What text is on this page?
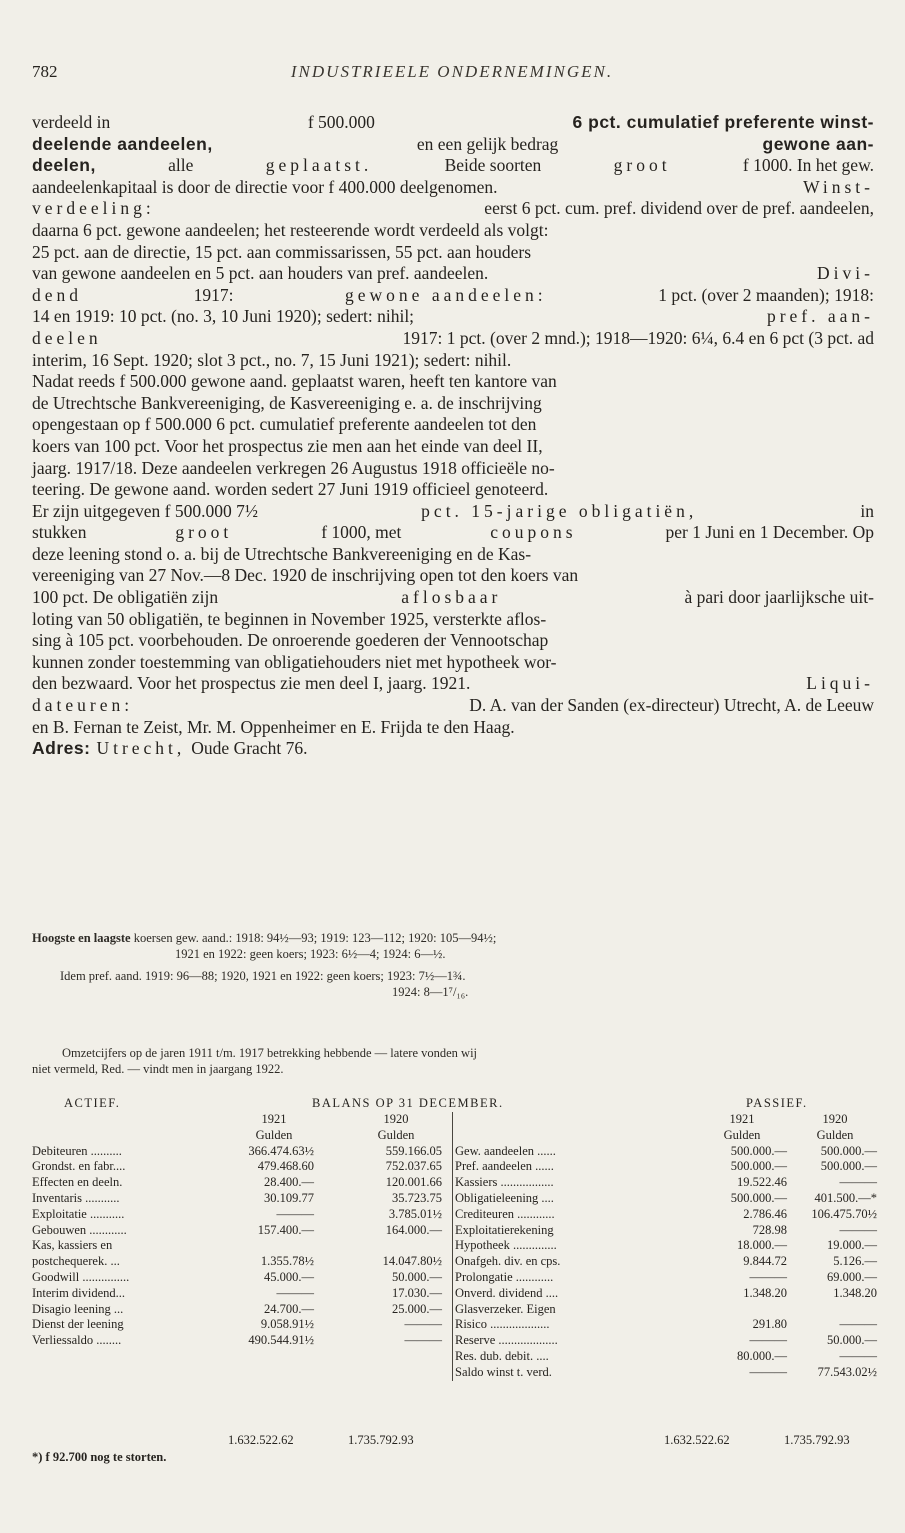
782	INDUSTRIEELE ONDERNEMINGEN.
verdeeld in	f 500.000	6 pct. cumulatief preferente winst-
deelende aandeelen,	en een gelijk bedrag	gewone aan-
deelen,	alle	geplaatst.	Beide soorten	groot	f 1000. In het gew.
aandeelenkapitaal is door de directie voor f 400.000 deelgenomen.	Winst-
verdeeling:	eerst 6 pct. cum. pref. dividend over de pref. aandeelen,
daarna 6 pct. gewone aandeelen; het resteerende wordt verdeeld als volgt:
25 pct. aan de directie, 15 pct. aan commissarissen, 55 pct. aan houders
van gewone aandeelen en 5 pct. aan houders van pref. aandeelen.	Divi-
dend	1917:	gewone aandeelen:	1 pct. (over 2 maanden); 1918:
14 en 1919: 10 pct. (no. 3, 10 Juni 1920); sedert: nihil;	pref. aan-
deelen	1917: 1 pct. (over 2 mnd.); 1918—1920: 6¼, 6.4 en 6 pct (3 pct. ad
interim, 16 Sept. 1920; slot 3 pct., no. 7, 15 Juni 1921); sedert: nihil.
Nadat reeds f 500.000 gewone aand. geplaatst waren, heeft ten kantore van
de Utrechtsche Bankvereeniging, de Kasvereeniging e. a. de inschrijving
opengestaan op f 500.000 6 pct. cumulatief preferente aandeelen tot den
koers van 100 pct. Voor het prospectus zie men aan het einde van deel II,
jaarg. 1917/18. Deze aandeelen verkregen 26 Augustus 1918 officieële no-
teering. De gewone aand. worden sedert 27 Juni 1919 officieel genoteerd.
Er zijn uitgegeven f 500.000 7½	pct. 15-jarige obligatiën,	in
stukken	groot	f 1000, met	coupons	per 1 Juni en 1 December. Op
deze leening stond o. a. bij de Utrechtsche Bankvereeniging en de Kas-
vereeniging van 27 Nov.—8 Dec. 1920 de inschrijving open tot den koers van
100 pct. De obligatiën zijn	aflosbaar	à pari door jaarlijksche uit-
loting van 50 obligatiën, te beginnen in November 1925, versterkte aflos-
sing à 105 pct. voorbehouden. De onroerende goederen der Vennootschap
kunnen zonder toestemming van obligatiehouders niet met hypotheek wor-
den bezwaard. Voor het prospectus zie men deel I, jaarg. 1921.	Liqui-
dateuren:	D. A. van der Sanden (ex-directeur) Utrecht, A. de Leeuw
en B. Fernan te Zeist, Mr. M. Oppenheimer en E. Frijda te den Haag.
Adres: Utrecht, Oude Gracht 76.
Hoogste en laagste koersen gew. aand.: 1918: 94½—93; 1919: 123—112; 1920: 105—94½;
1921 en 1922: geen koers; 1923: 6½—4; 1924: 6—½.
Idem pref. aand. 1919: 96—88; 1920, 1921 en 1922: geen koers; 1923: 7½—1¾.
1924: 8—1⁷/₁₆.
Omzetcijfers op de jaren 1911 t/m. 1917 betrekking hebbende — latere vonden wij
niet vermeld, Red. — vindt men in jaargang 1922.
ACTIEF.	BALANS OP 31 DECEMBER.	PASSIEF.
1921	1920
Gulden	Gulden
Debiteuren ..........	366.474.63½	559.166.05
Grondst. en fabr....	479.468.60	752.037.65
Effecten en deeln.	28.400.—	120.001.66
Inventaris ...........	30.109.77	35.723.75
Exploitatie ...........	———	3.785.01½
Gebouwen ............	157.400.—	164.000.—
Kas, kassiers en
postchequerek. ...	1.355.78½	14.047.80½
Goodwill ...............	45.000.—	50.000.—
Interim dividend...	———	17.030.—
Disagio leening ...	24.700.—	25.000.—
Dienst der leening	9.058.91½	———
Verliessaldo ........	490.544.91½	———
1921	1920
Gulden	Gulden
Gew. aandeelen ......	500.000.—	500.000.—
Pref. aandeelen ......	500.000.—	500.000.—
Kassiers .................	19.522.46	———
Obligatieleening ....	500.000.—	401.500.—*
Crediteuren ............	2.786.46	106.475.70½
Exploitatierekening	728.98	———
Hypotheek ..............	18.000.—	19.000.—
Onafgeh. div. en cps.	9.844.72	5.126.—
Prolongatie ............	———	69.000.—
Onverd. dividend ....	1.348.20	1.348.20
Glasverzeker. Eigen
Risico ...................	291.80	———
Reserve ...................	———	50.000.—
Res. dub. debit. ....	80.000.—	———
Saldo winst t. verd.	———	77.543.02½
1.632.522.62	1.735.792.93	1.632.522.62	1.735.792.93
*) f 92.700 nog te storten.
